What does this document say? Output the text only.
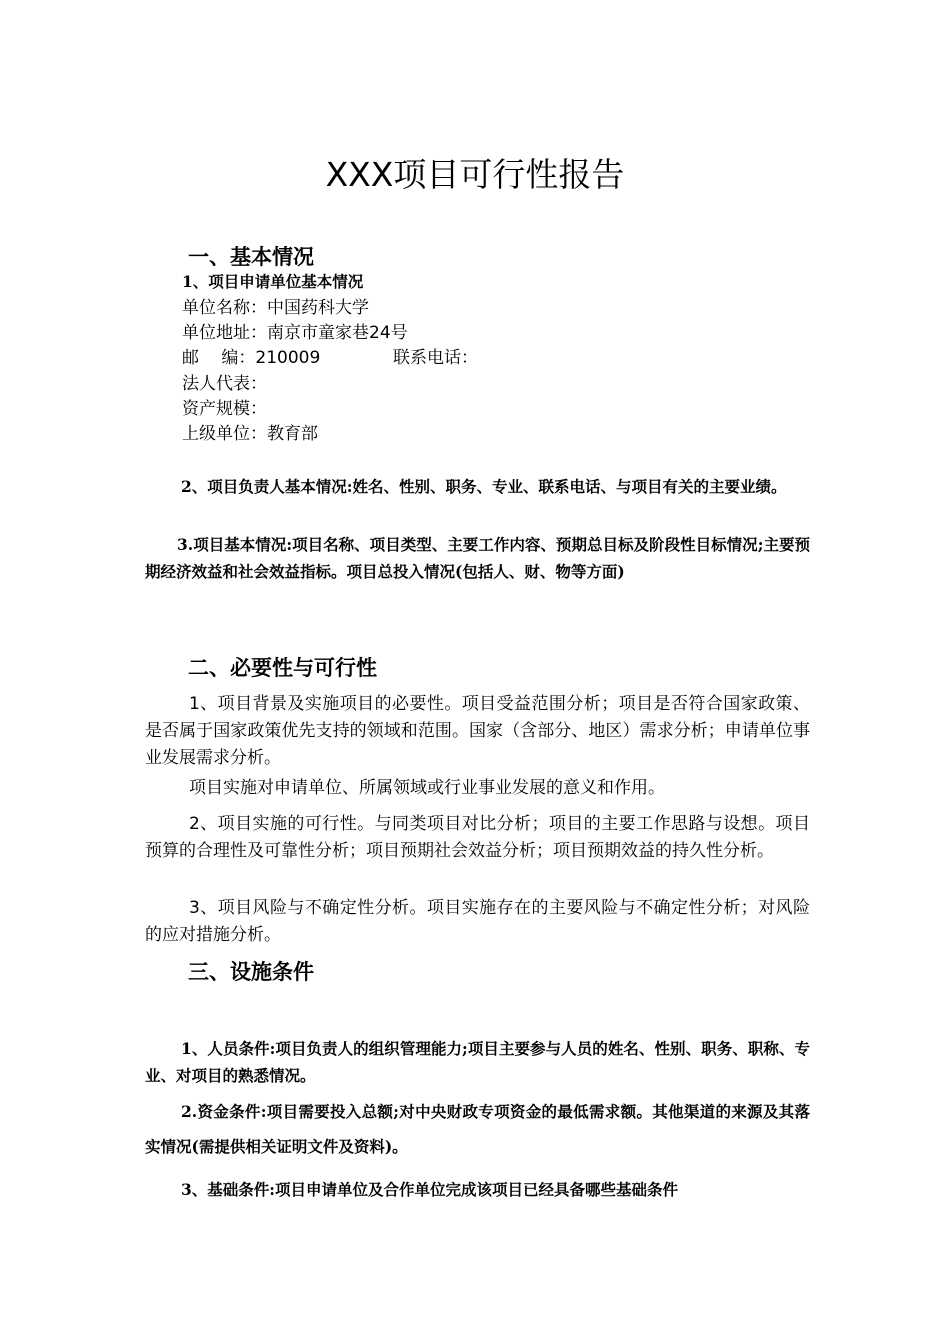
XXX项目可行性报告
一、基本情况
1、项目申请单位基本情况
单位名称：中国药科大学
单位地址：南京市童家巷24号
邮　 编：210009	联系电话：
法人代表：
资产规模：
上级单位：教育部
2、项目负责人基本情况:姓名、性别、职务、专业、联系电话、与项目有关的主要业绩。
3.项目基本情况:项目名称、项目类型、主要工作内容、预期总目标及阶段性目标情况;主要预期经济效益和社会效益指标。项目总投入情况(包括人、财、物等方面)
二、必要性与可行性
1、项目背景及实施项目的必要性。项目受益范围分析；项目是否符合国家政策、是否属于国家政策优先支持的领域和范围。国家（含部分、地区）需求分析；申请单位事业发展需求分析。
项目实施对申请单位、所属领域或行业事业发展的意义和作用。
2、项目实施的可行性。与同类项目对比分析；项目的主要工作思路与设想。项目预算的合理性及可靠性分析；项目预期社会效益分析；项目预期效益的持久性分析。
3、项目风险与不确定性分析。项目实施存在的主要风险与不确定性分析；对风险的应对措施分析。
三、设施条件
1、人员条件:项目负责人的组织管理能力;项目主要参与人员的姓名、性别、职务、职称、专业、对项目的熟悉情况。
2.资金条件:项目需要投入总额;对中央财政专项资金的最低需求额。其他渠道的来源及其落实情况(需提供相关证明文件及资料)。
3、基础条件:项目申请单位及合作单位完成该项目已经具备哪些基础条件
